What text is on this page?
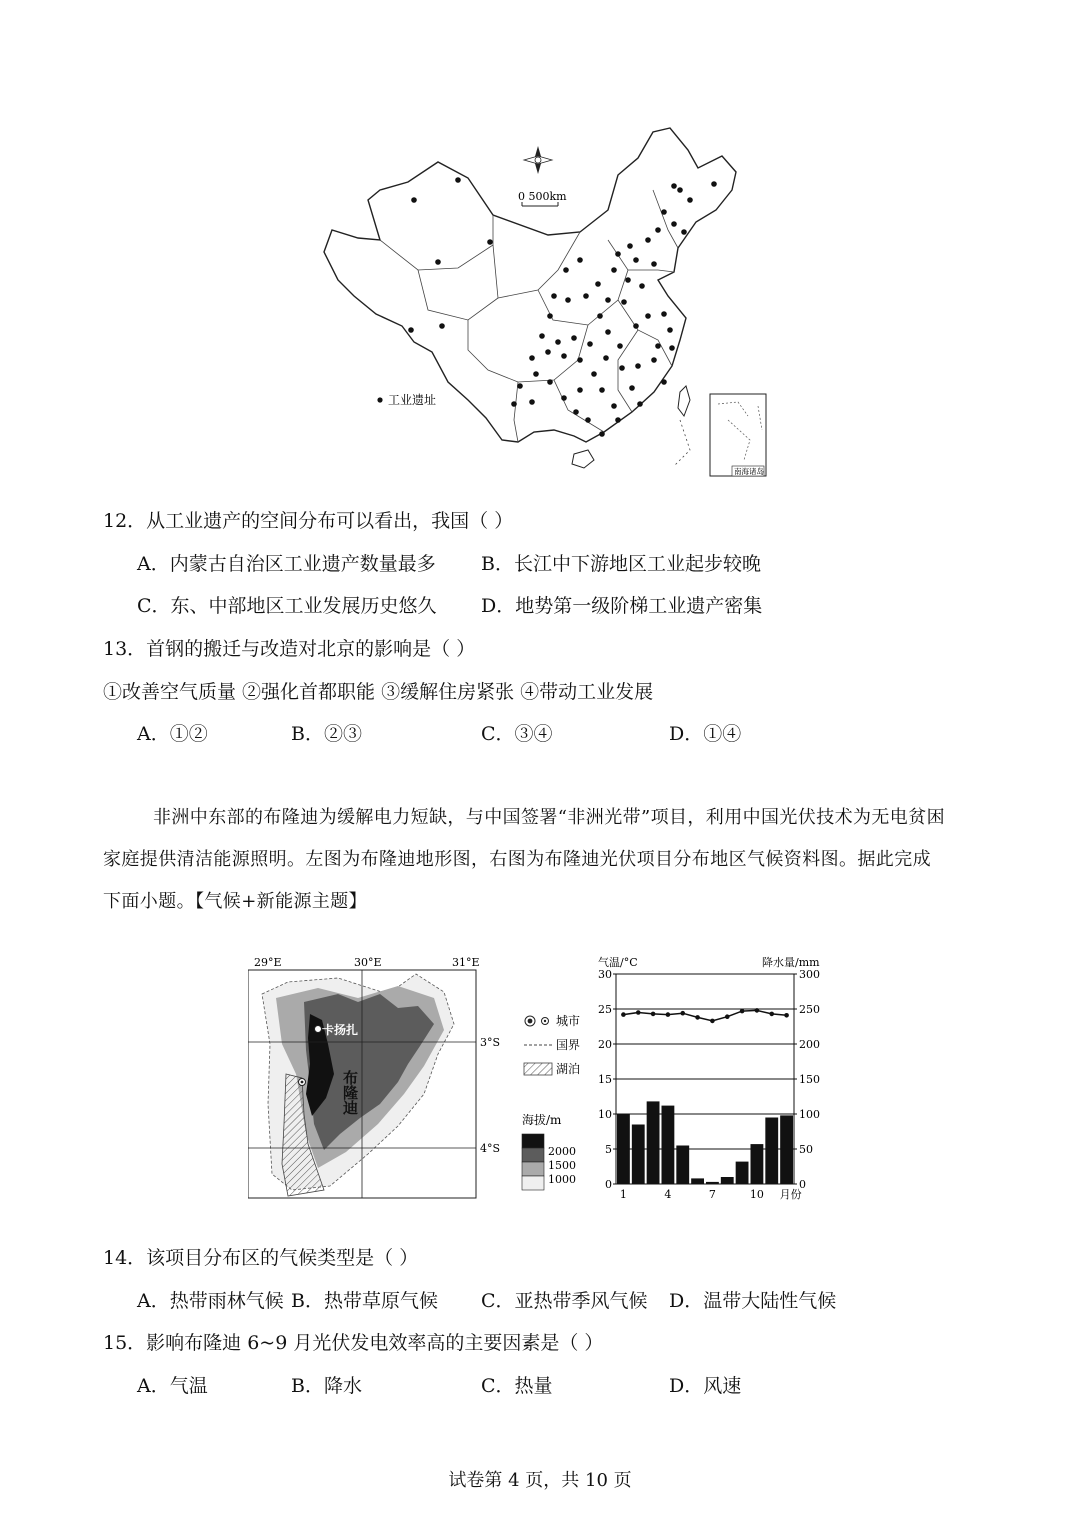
0 500km
工业遗址
南海诸岛
12．从工业遗产的空间分布可以看出，我国（ ）
A．内蒙古自治区工业遗产数量最多 B．长江中下游地区工业起步较晚
C．东、中部地区工业发展历史悠久 D．地势第一级阶梯工业遗产密集
13．首钢的搬迁与改造对北京的影响是（ ）
①改善空气质量 ②强化首都职能 ③缓解住房紧张 ④带动工业发展
A．①②	B．②③	C．③④	D．①④
非洲中东部的布隆迪为缓解电力短缺，与中国签署“非洲光带”项目，利用中国光伏技术为无电贫困
家庭提供清洁能源照明。左图为布隆迪地形图，右图为布隆迪光伏项目分布地区气候资料图。据此完成
下面小题。【气候+新能源主题】
29°E	30°E	31°E
3°S
4°S
卡扬扎
布隆迪
城市
国界
湖泊
海拔/m
2000
1500
1000
气温/°C	降水量/mm
30	300
25	250
20	200
15	150
10	100
5	50
0	0
1	4	7	10 月份
14．该项目分布区的气候类型是（ ）
A．热带雨林气候 B．热带草原气候 C．亚热带季风气候 D．温带大陆性气候
15．影响布隆迪 6~9 月光伏发电效率高的主要因素是（ ）
A．气温	B．降水	C．热量	D．风速
试卷第 4 页，共 10 页
